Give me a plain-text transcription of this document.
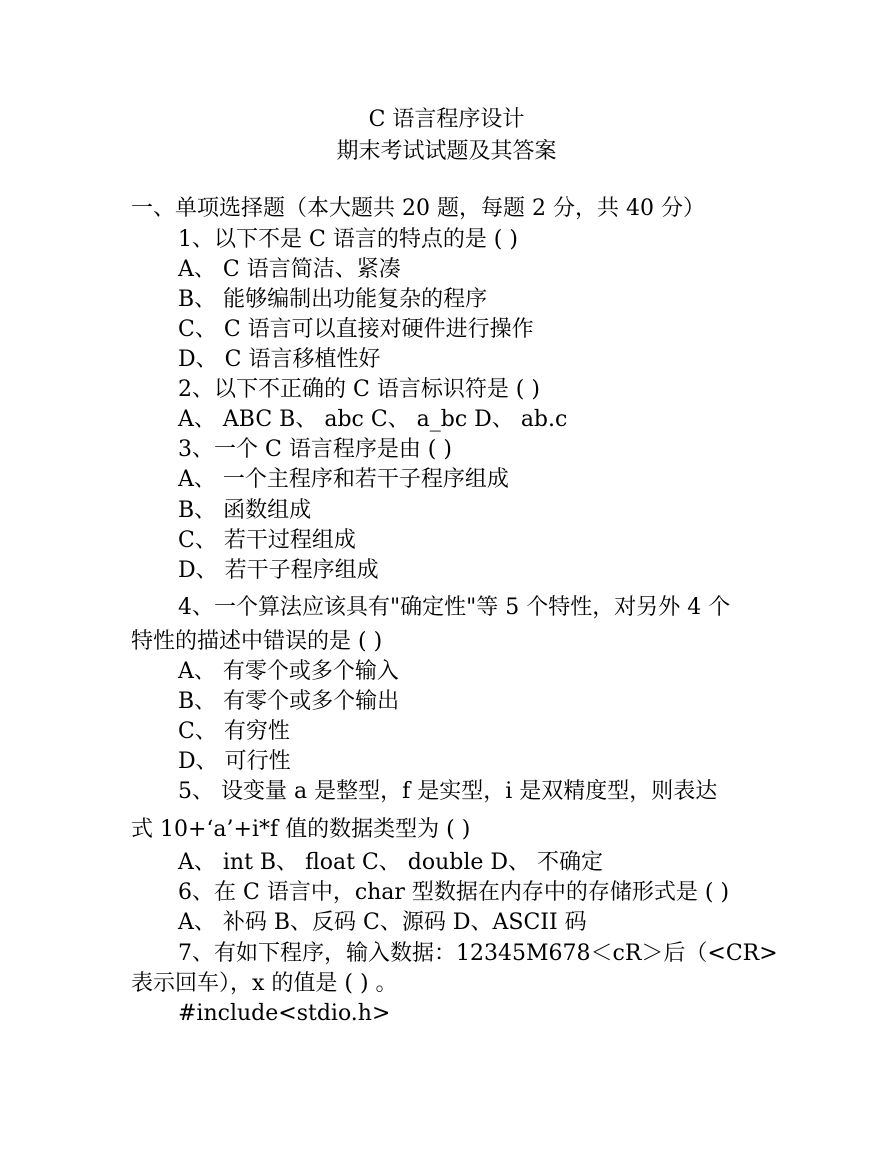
C 语言程序设计
期末考试试题及其答案
一、单项选择题（本大题共 20 题，每题 2 分，共 40 分）
1、以下不是 C 语言的特点的是 ( )
A、 C 语言简洁、紧凑
B、 能够编制出功能复杂的程序
C、 C 语言可以直接对硬件进行操作
D、 C 语言移植性好
2、以下不正确的 C 语言标识符是 ( )
A、 ABC B、 abc C、 a_bc D、 ab.c
3、一个 C 语言程序是由 ( )
A、 一个主程序和若干子程序组成
B、 函数组成
C、 若干过程组成
D、 若干子程序组成
4、一个算法应该具有"确定性"等 5 个特性，对另外 4 个
特性的描述中错误的是 ( )
A、 有零个或多个输入
B、 有零个或多个输出
C、 有穷性
D、 可行性
5、 设变量 a 是整型，f 是实型，i 是双精度型，则表达
式 10+‘a’+i*f 值的数据类型为 ( )
A、 int B、 float C、 double D、 不确定
6、在 C 语言中，char 型数据在内存中的存储形式是 ( )
A、 补码 B、反码 C、源码 D、ASCII 码
7、有如下程序，输入数据：12345M678＜cR＞后（<CR>
表示回车），x 的值是 ( ) 。
#include<stdio.h>
